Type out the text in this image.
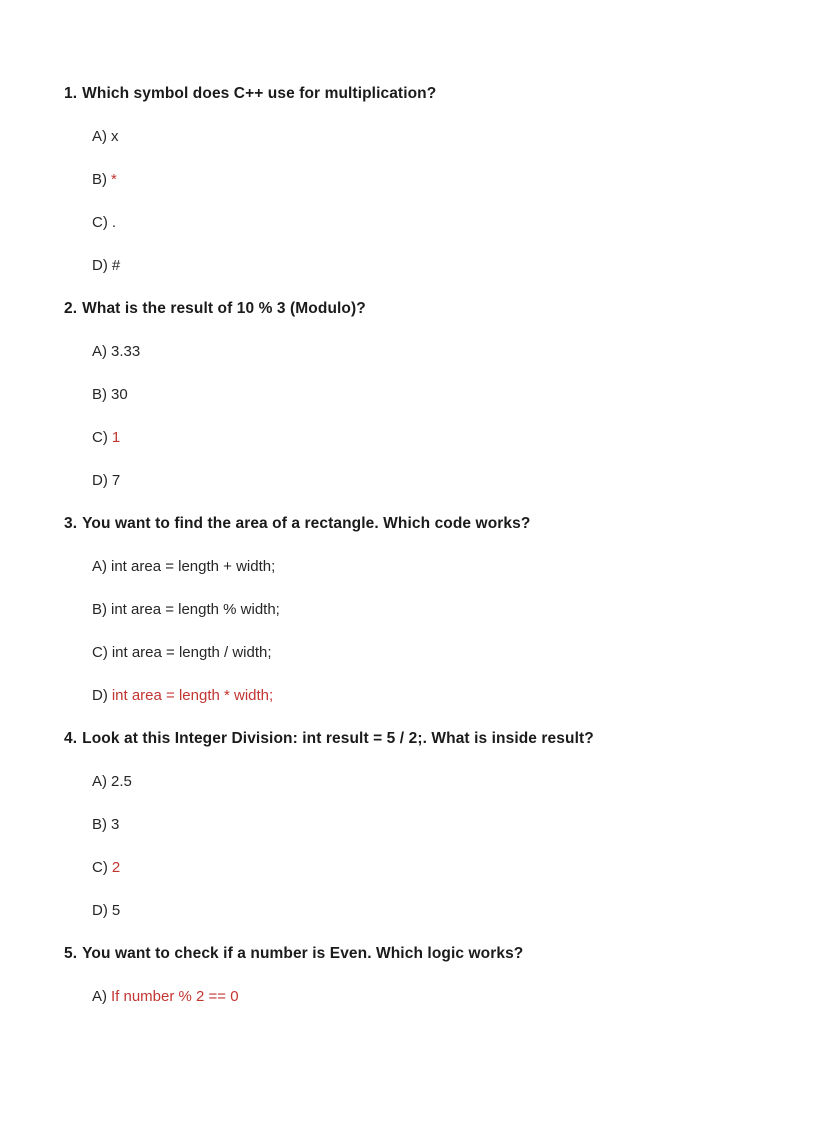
1. Which symbol does C++ use for multiplication?

A) x

B) *

C) .

D) #

2. What is the result of 10 % 3 (Modulo)?

A) 3.33

B) 30

C) 1

D) 7

3. You want to find the area of a rectangle. Which code works?

A) int area = length + width;

B) int area = length % width;

C) int area = length / width;

D) int area = length * width;

4. Look at this Integer Division: int result = 5 / 2;. What is inside result?

A) 2.5

B) 3

C) 2

D) 5

5. You want to check if a number is Even. Which logic works?

A) If number % 2 == 0
